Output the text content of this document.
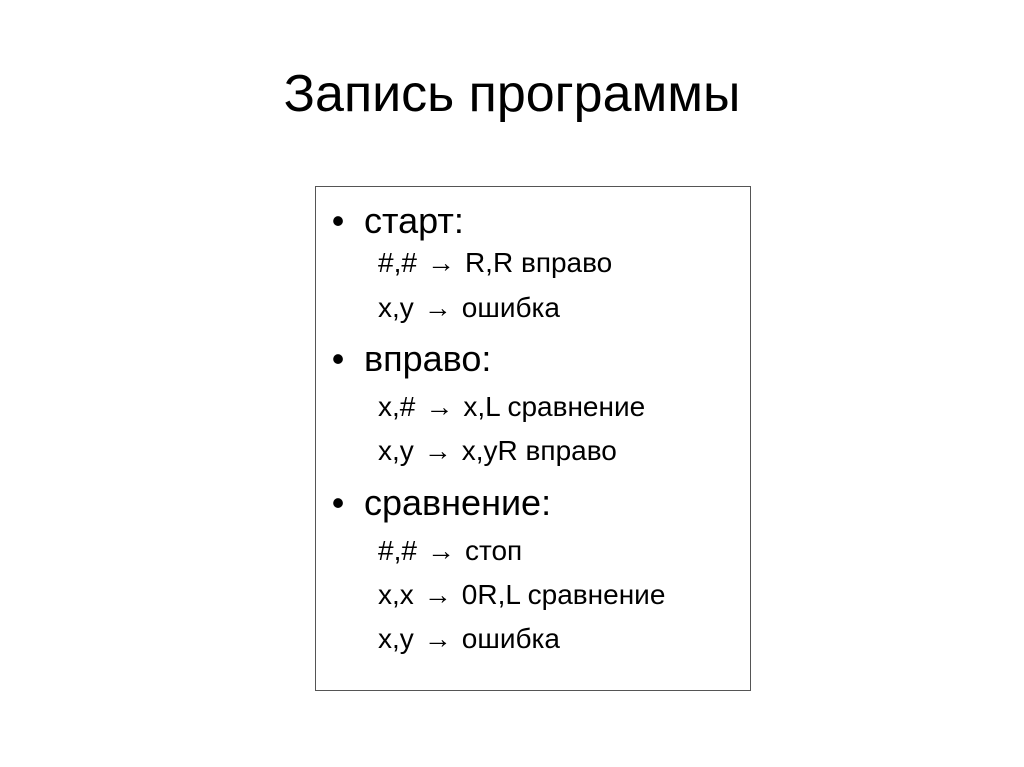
Запись программы
• старт:
#,# → R,R вправо
x,y → ошибка
• вправо:
x,# → x,L сравнение
x,y → x,yR вправо
• сравнение:
#,# → стоп
x,x → 0R,L сравнение
x,y → ошибка
